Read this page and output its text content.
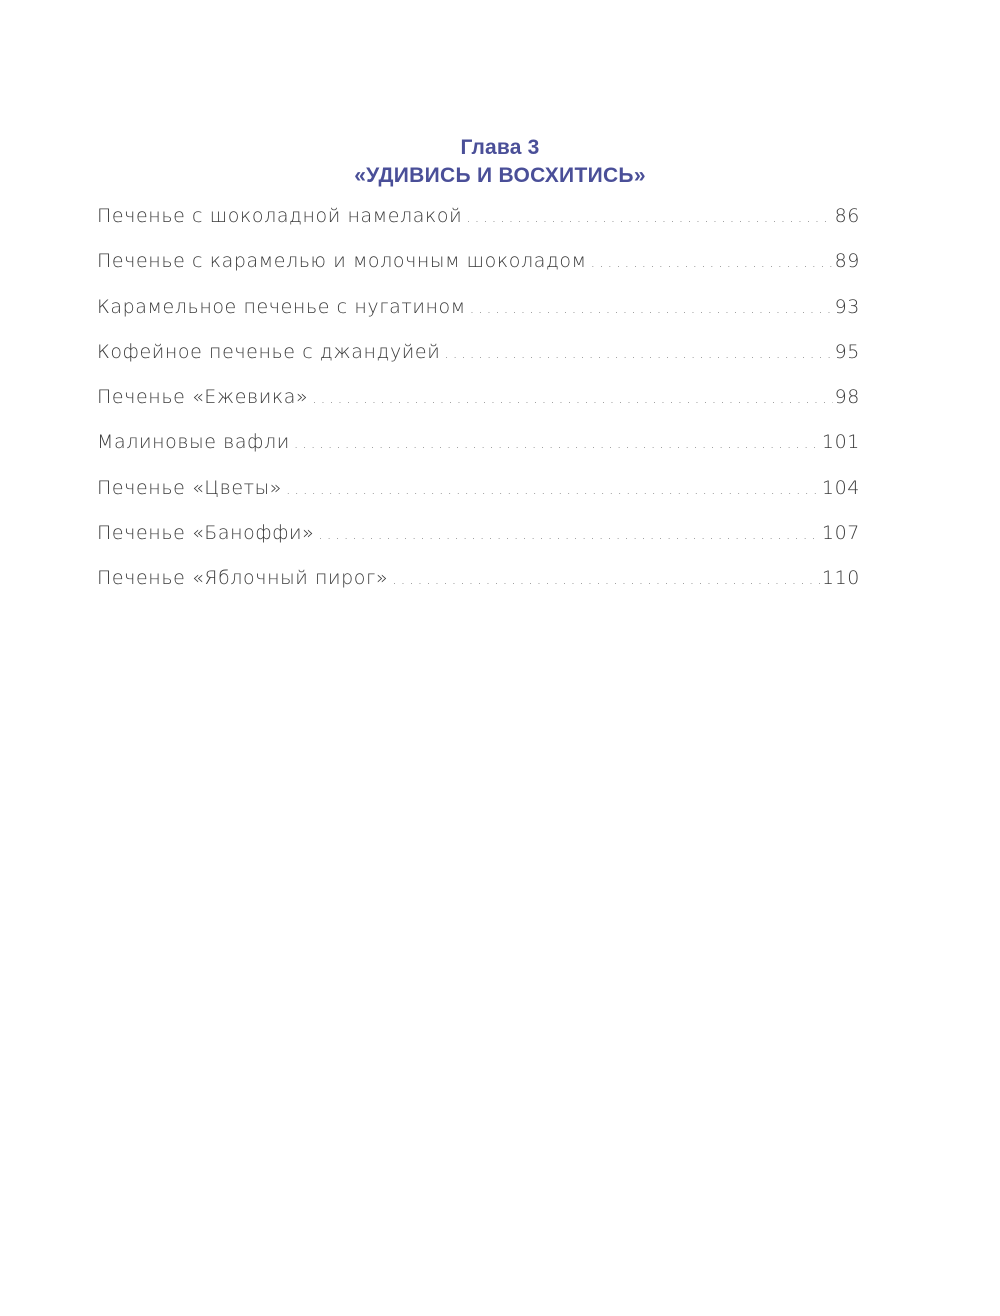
Глава 3
«УДИВИСЬ И ВОСХИТИСЬ»
Печенье с шоколадной намелакой . . .	86
Печенье с карамелью и молочным шоколадом . . .	89
Карамельное печенье с нугатином . . .	93
Кофейное печенье с джандуйей . . .	95
Печенье «Ежевика» . . .	98
Малиновые вафли . . .	101
Печенье «Цветы» . . .	104
Печенье «Баноффи» . . .	107
Печенье «Яблочный пирог» . . .	110
